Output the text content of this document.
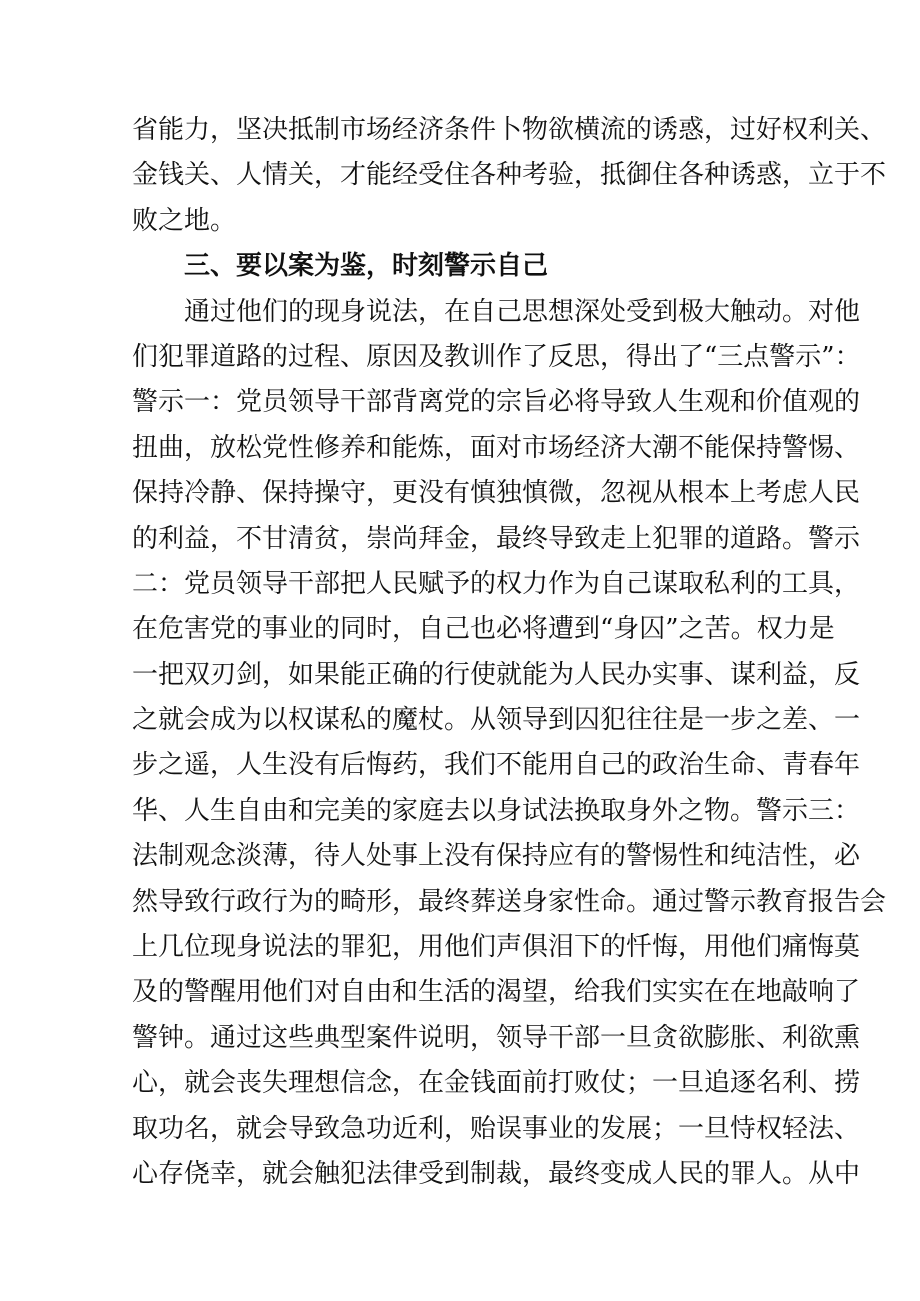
省能力，坚决抵制市场经济条件卜物欲横流的诱惑，过好权利关、
金钱关、人情关，才能经受住各种考验，抵御住各种诱惑，立于不
败之地。
三、要以案为鉴，时刻警示自己
通过他们的现身说法，在自己思想深处受到极大触动。对他
们犯罪道路的过程、原因及教训作了反思，得出了“三点警示”：
警示一：党员领导干部背离党的宗旨必将导致人生观和价值观的
扭曲，放松党性修养和能炼，面对市场经济大潮不能保持警惕、
保持冷静、保持操守，更没有慎独慎微，忽视从根本上考虑人民
的利益，不甘清贫，崇尚拜金，最终导致走上犯罪的道路。警示
二：党员领导干部把人民赋予的权力作为自己谋取私利的工具，
在危害党的事业的同时，自己也必将遭到“身囚”之苦。权力是
一把双刃剑，如果能正确的行使就能为人民办实事、谋利益，反
之就会成为以权谋私的魔杖。从领导到囚犯往往是一步之差、一
步之遥，人生没有后悔药，我们不能用自己的政治生命、青春年
华、人生自由和完美的家庭去以身试法换取身外之物。警示三：
法制观念淡薄，待人处事上没有保持应有的警惕性和纯洁性，必
然导致行政行为的畸形，最终葬送身家性命。通过警示教育报告会
上几位现身说法的罪犯，用他们声俱泪下的忏悔，用他们痛悔莫
及的警醒用他们对自由和生活的渴望，给我们实实在在地敲响了
警钟。通过这些典型案件说明，领导干部一旦贪欲膨胀、利欲熏
心，就会丧失理想信念，在金钱面前打败仗；一旦追逐名利、捞
取功名，就会导致急功近利，贻误事业的发展；一旦恃权轻法、
心存侥幸，就会触犯法律受到制裁，最终变成人民的罪人。从中
